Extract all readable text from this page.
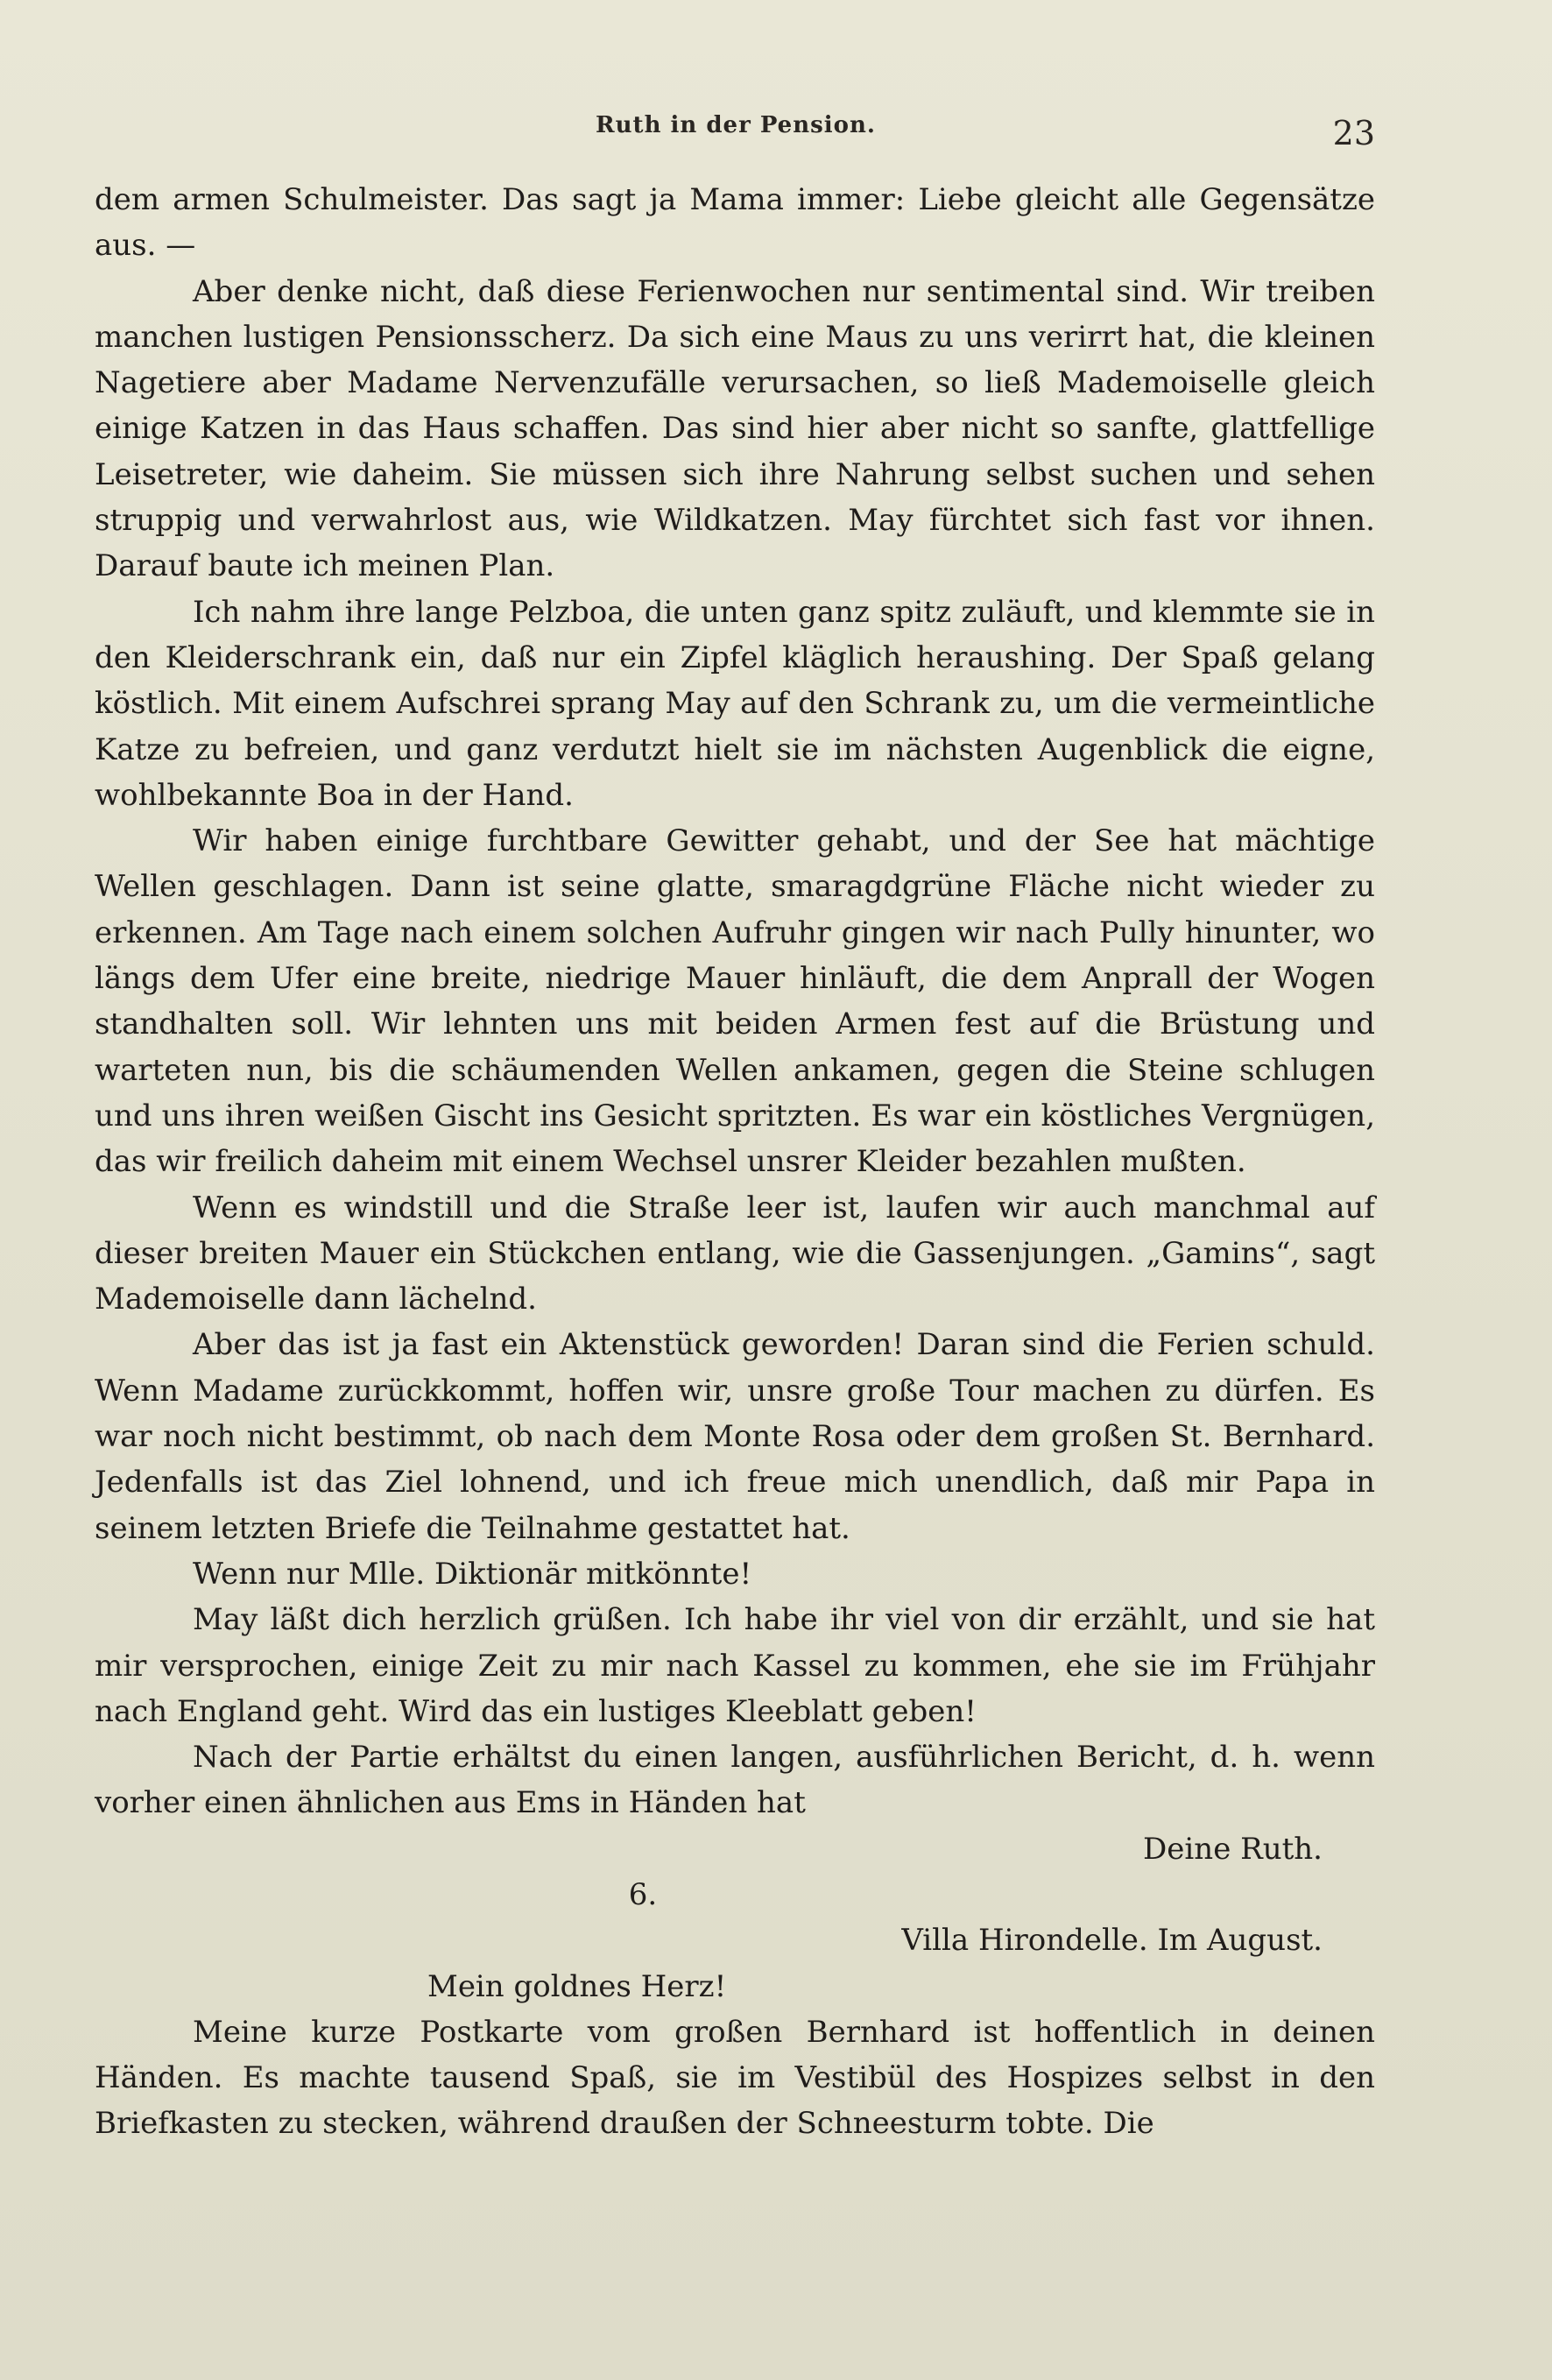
Ruth in der Pension.	23

dem armen Schulmeister. Das sagt ja Mama immer: Liebe gleicht alle Gegensätze aus. —

Aber denke nicht, daß diese Ferienwochen nur sentimental sind. Wir treiben manchen lustigen Pensionsscherz. Da sich eine Maus zu uns verirrt hat, die kleinen Nagetiere aber Madame Nervenzufälle verursachen, so ließ Mademoiselle gleich einige Katzen in das Haus schaffen. Das sind hier aber nicht so sanfte, glattfellige Leisetreter, wie daheim. Sie müssen sich ihre Nahrung selbst suchen und sehen struppig und verwahrlost aus, wie Wildkatzen. May fürchtet sich fast vor ihnen. Darauf baute ich meinen Plan.

Ich nahm ihre lange Pelzboa, die unten ganz spitz zuläuft, und klemmte sie in den Kleiderschrank ein, daß nur ein Zipfel kläglich heraushing. Der Spaß gelang köstlich. Mit einem Aufschrei sprang May auf den Schrank zu, um die vermeintliche Katze zu befreien, und ganz verdutzt hielt sie im nächsten Augenblick die eigne, wohlbekannte Boa in der Hand.

Wir haben einige furchtbare Gewitter gehabt, und der See hat mächtige Wellen geschlagen. Dann ist seine glatte, smaragdgrüne Fläche nicht wieder zu erkennen. Am Tage nach einem solchen Aufruhr gingen wir nach Pully hinunter, wo längs dem Ufer eine breite, niedrige Mauer hinläuft, die dem Anprall der Wogen standhalten soll. Wir lehnten uns mit beiden Armen fest auf die Brüstung und warteten nun, bis die schäumenden Wellen ankamen, gegen die Steine schlugen und uns ihren weißen Gischt ins Gesicht spritzten. Es war ein köstliches Vergnügen, das wir freilich daheim mit einem Wechsel unsrer Kleider bezahlen mußten.

Wenn es windstill und die Straße leer ist, laufen wir auch manchmal auf dieser breiten Mauer ein Stückchen entlang, wie die Gassenjungen. „Gamins“, sagt Mademoiselle dann lächelnd.

Aber das ist ja fast ein Aktenstück geworden! Daran sind die Ferien schuld. Wenn Madame zurückkommt, hoffen wir, unsre große Tour machen zu dürfen. Es war noch nicht bestimmt, ob nach dem Monte Rosa oder dem großen St. Bernhard. Jedenfalls ist das Ziel lohnend, und ich freue mich unendlich, daß mir Papa in seinem letzten Briefe die Teilnahme gestattet hat.

Wenn nur Mlle. Diktionär mitkönnte!

May läßt dich herzlich grüßen. Ich habe ihr viel von dir erzählt, und sie hat mir versprochen, einige Zeit zu mir nach Kassel zu kommen, ehe sie im Frühjahr nach England geht. Wird das ein lustiges Kleeblatt geben!

Nach der Partie erhältst du einen langen, ausführlichen Bericht, d. h. wenn vorher einen ähnlichen aus Ems in Händen hat

Deine Ruth.

6.

Villa Hirondelle. Im August.

Mein goldnes Herz!

Meine kurze Postkarte vom großen Bernhard ist hoffentlich in deinen Händen. Es machte tausend Spaß, sie im Vestibül des Hospizes selbst in den Briefkasten zu stecken, während draußen der Schneesturm tobte. Die
